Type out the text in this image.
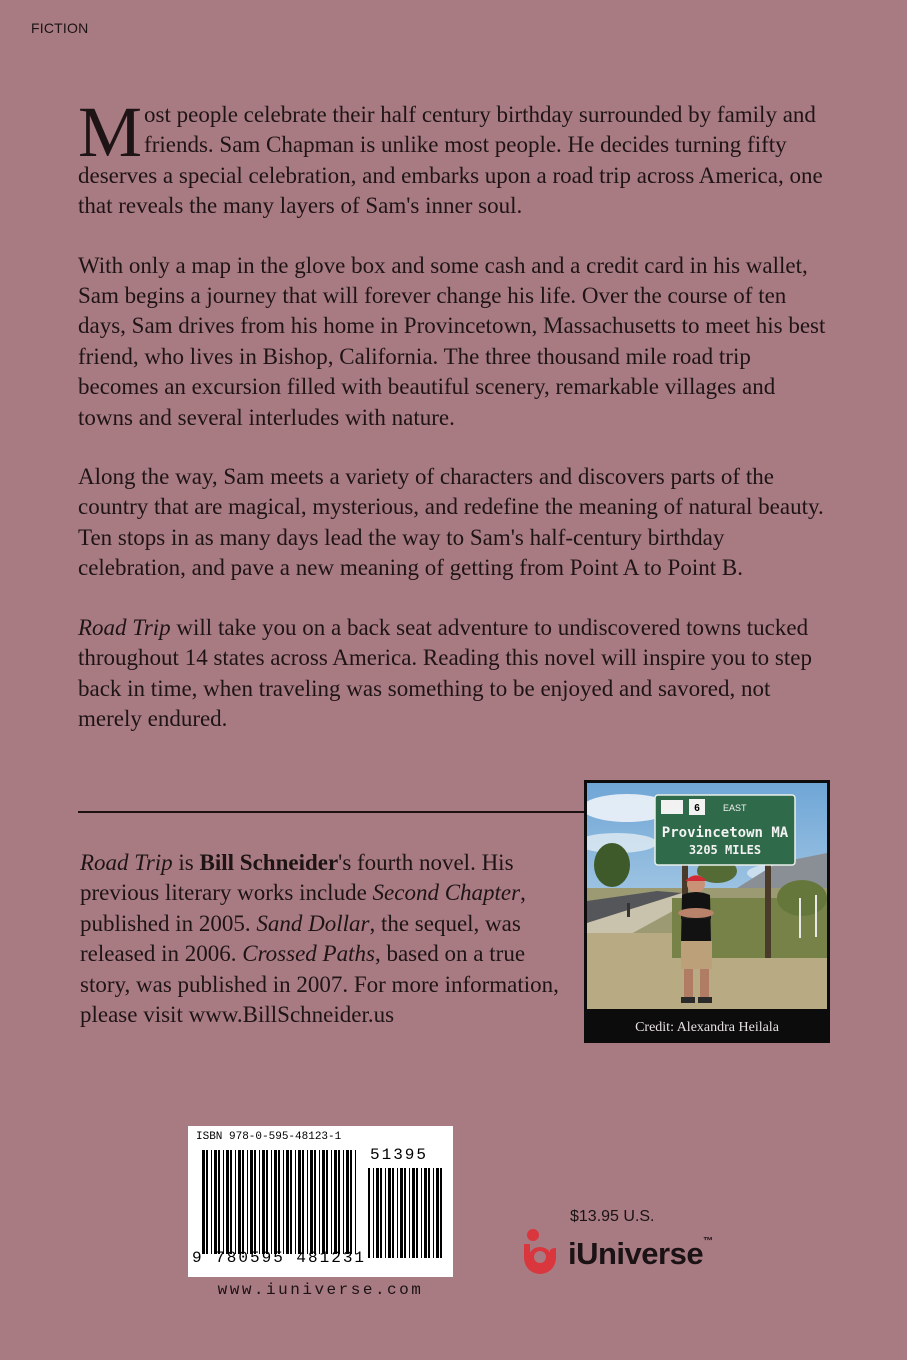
FICTION

Most people celebrate their half century birthday surrounded by family and friends. Sam Chapman is unlike most people. He decides turning fifty deserves a special celebration, and embarks upon a road trip across America, one that reveals the many layers of Sam's inner soul.

With only a map in the glove box and some cash and a credit card in his wallet, Sam begins a journey that will forever change his life. Over the course of ten days, Sam drives from his home in Provincetown, Massachusetts to meet his best friend, who lives in Bishop, California. The three thousand mile road trip becomes an excursion filled with beautiful scenery, remarkable villages and towns and several interludes with nature.

Along the way, Sam meets a variety of characters and discovers parts of the country that are magical, mysterious, and redefine the meaning of natural beauty. Ten stops in as many days lead the way to Sam's half-century birthday celebration, and pave a new meaning of getting from Point A to Point B.

Road Trip will take you on a back seat adventure to undiscovered towns tucked throughout 14 states across America. Reading this novel will inspire you to step back in time, when traveling was something to be enjoyed and savored, not merely endured.

Road Trip is Bill Schneider's fourth novel. His previous literary works include Second Chapter, published in 2005. Sand Dollar, the sequel, was released in 2006. Crossed Paths, based on a true story, was published in 2007. For more information, please visit www.BillSchneider.us

6	EAST
Provincetown MA
3205 MILES
Credit: Alexandra Heilala
ISBN 978-0-595-48123-1
51395
9 780595 481231
www.iuniverse.com
$13.95 U.S.
iUniverse™
